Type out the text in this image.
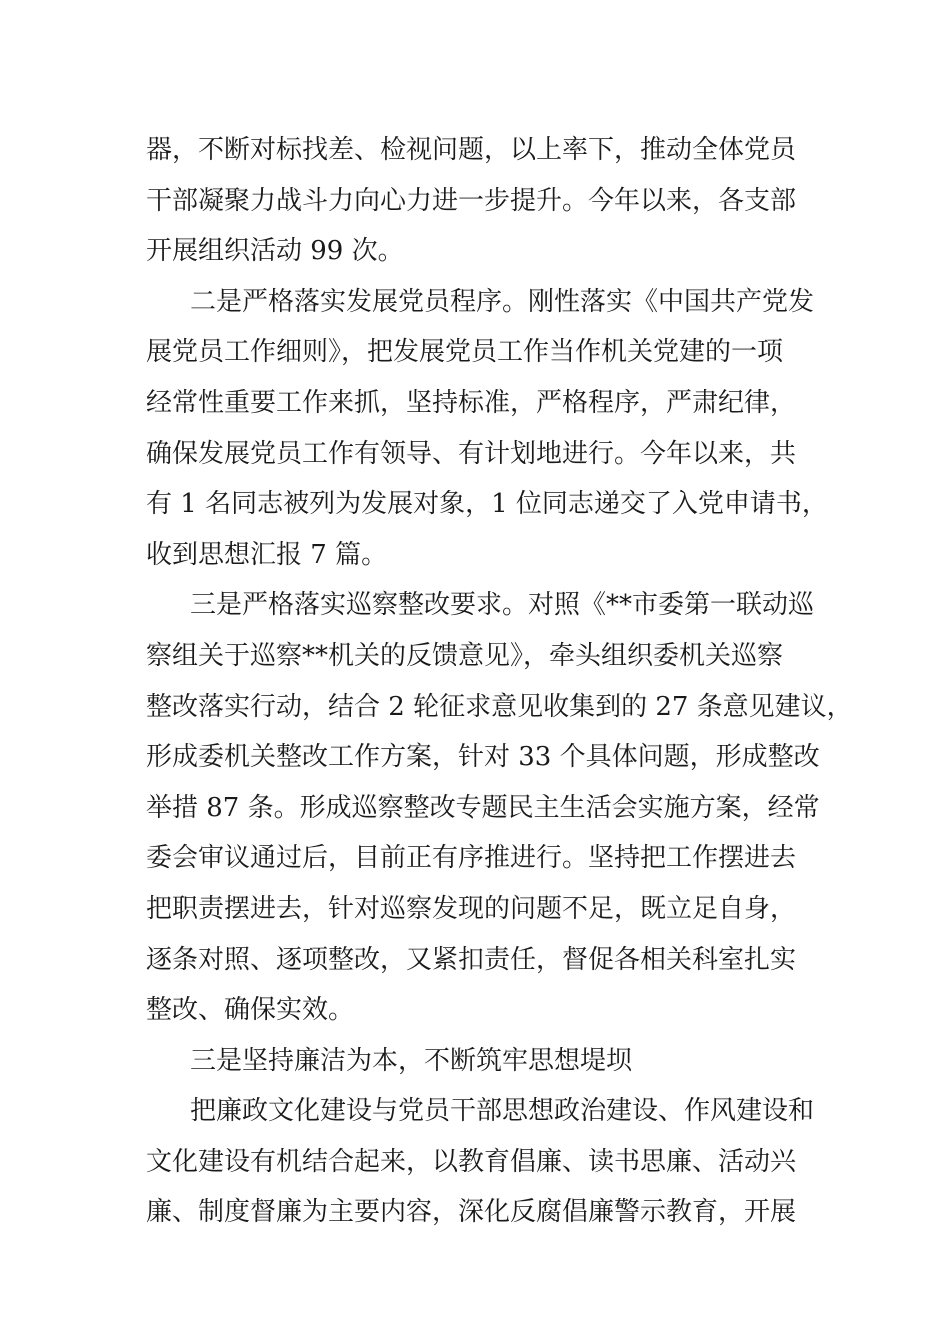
器，不断对标找差、检视问题，以上率下，推动全体党员
干部凝聚力战斗力向心力进一步提升。今年以来，各支部
开展组织活动 99 次。
二是严格落实发展党员程序。刚性落实《中国共产党发
展党员工作细则》，把发展党员工作当作机关党建的一项
经常性重要工作来抓，坚持标准，严格程序，严肃纪律，
确保发展党员工作有领导、有计划地进行。今年以来，共
有 1 名同志被列为发展对象，1 位同志递交了入党申请书，
收到思想汇报 7 篇。
三是严格落实巡察整改要求。对照《**市委第一联动巡
察组关于巡察**机关的反馈意见》，牵头组织委机关巡察
整改落实行动，结合 2 轮征求意见收集到的 27 条意见建议，
形成委机关整改工作方案，针对 33 个具体问题，形成整改
举措 87 条。形成巡察整改专题民主生活会实施方案，经常
委会审议通过后，目前正有序推进行。坚持把工作摆进去
把职责摆进去，针对巡察发现的问题不足，既立足自身，
逐条对照、逐项整改，又紧扣责任，督促各相关科室扎实
整改、确保实效。
三是坚持廉洁为本，不断筑牢思想堤坝
把廉政文化建设与党员干部思想政治建设、作风建设和
文化建设有机结合起来，以教育倡廉、读书思廉、活动兴
廉、制度督廉为主要内容，深化反腐倡廉警示教育，开展
